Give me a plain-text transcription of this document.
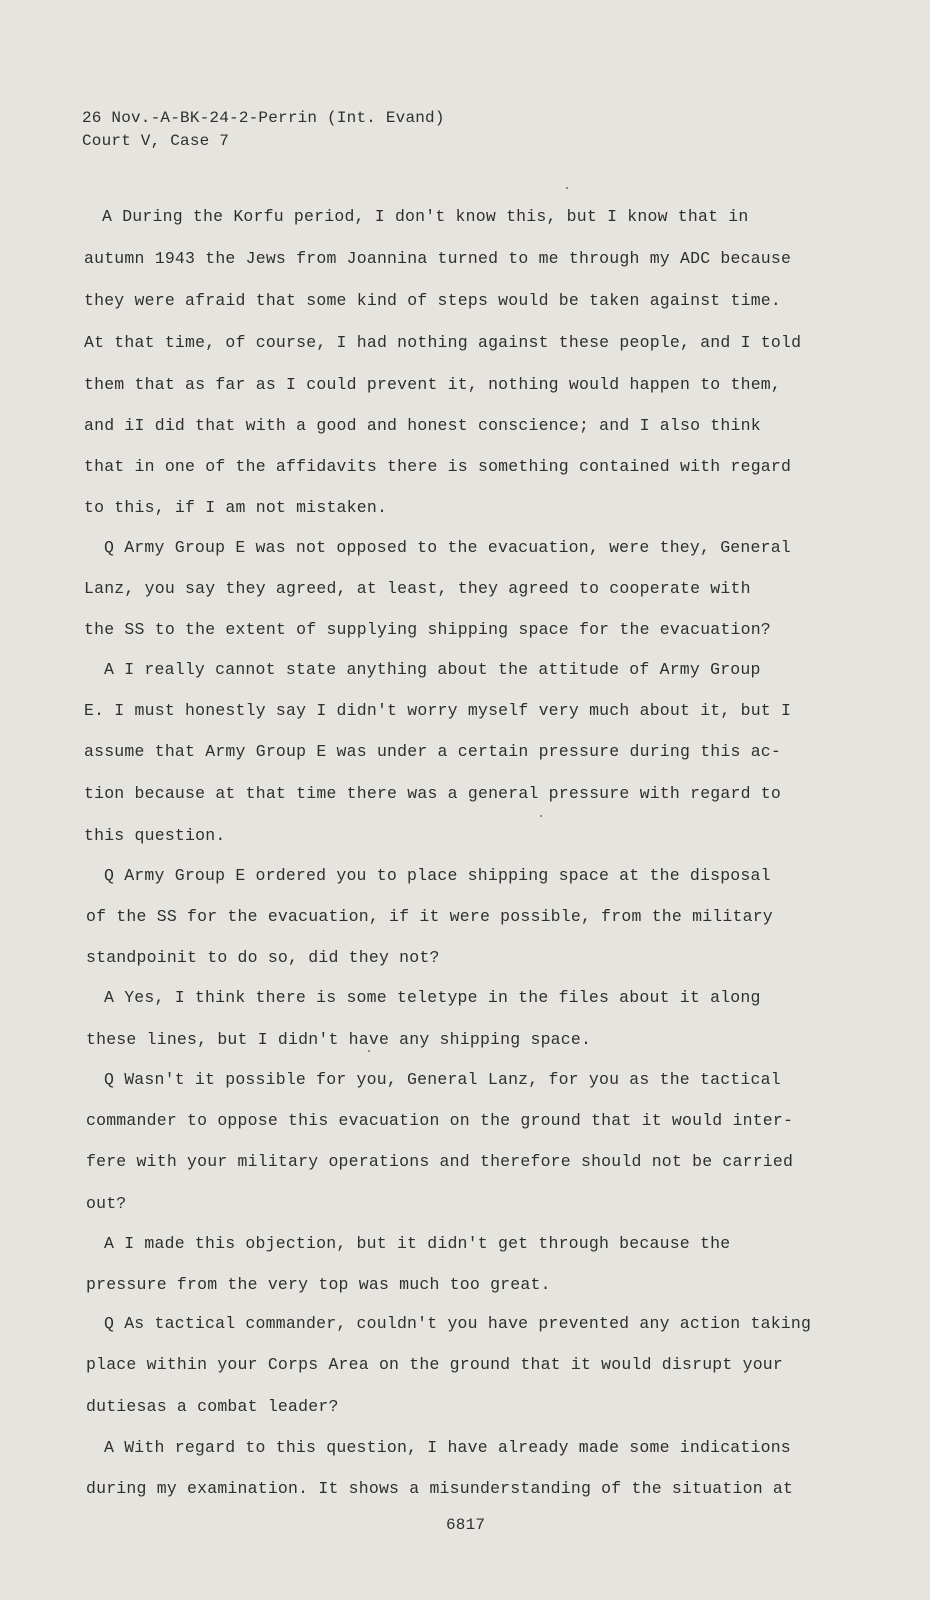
26 Nov.-A-BK-24-2-Perrin (Int. Evand)
Court V, Case 7
A During the Korfu period, I don't know this, but I know that in
autumn 1943 the Jews from Joannina turned to me through my ADC because
they were afraid that some kind of steps would be taken against time.
At that time, of course, I had nothing against these people, and I told
them that as far as I could prevent it, nothing would happen to them,
and iI did that with a good and honest conscience; and I also think
that in one of the affidavits there is something contained with regard
to this, if I am not mistaken.
Q Army Group E was not opposed to the evacuation, were they, General
Lanz, you say they agreed, at least, they agreed to cooperate with
the SS to the extent of supplying shipping space for the evacuation?
A I really cannot state anything about the attitude of Army Group
E. I must honestly say I didn't worry myself very much about it, but I
assume that Army Group E was under a certain pressure during this ac-
tion because at that time there was a general pressure with regard to
this question.
Q Army Group E ordered you to place shipping space at the disposal
of the SS for the evacuation, if it were possible, from the military
standpoinit to do so, did they not?
A Yes, I think there is some teletype in the files about it along
these lines, but I didn't have any shipping space.
Q Wasn't it possible for you, General Lanz, for you as the tactical
commander to oppose this evacuation on the ground that it would inter-
fere with your military operations and therefore should not be carried
out?
A I made this objection, but it didn't get through because the
pressure from the very top was much too great.
Q As tactical commander, couldn't you have prevented any action taking
place within your Corps Area on the ground that it would disrupt your
dutiesas a combat leader?
A With regard to this question, I have already made some indications
during my examination. It shows a misunderstanding of the situation at
6817
